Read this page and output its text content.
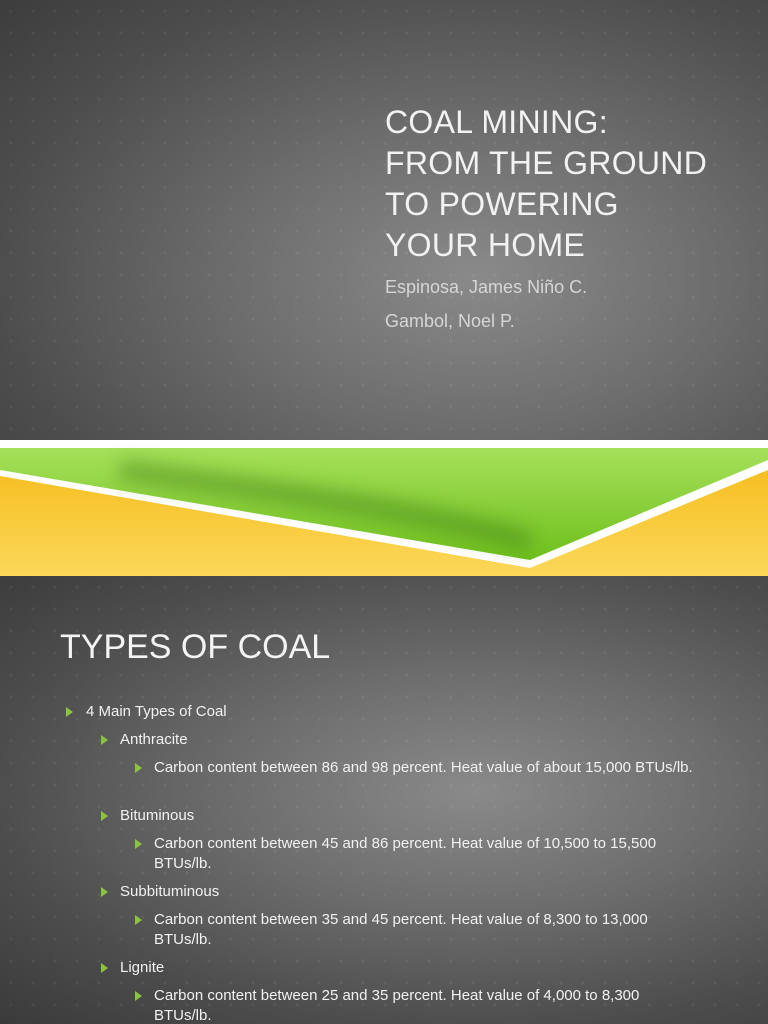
COAL MINING:
FROM THE GROUND
TO POWERING
YOUR HOME
Espinosa, James Niño C.
Gambol, Noel P.
TYPES OF COAL
4 Main Types of Coal
Anthracite
Carbon content between 86 and 98 percent. Heat value of about 15,000 BTUs/lb.
Bituminous
Carbon content between 45 and 86 percent. Heat value of 10,500 to 15,500 BTUs/lb.
Subbituminous
Carbon content between 35 and 45 percent. Heat value of 8,300 to 13,000 BTUs/lb.
Lignite
Carbon content between 25 and 35 percent. Heat value of 4,000 to 8,300 BTUs/lb.
